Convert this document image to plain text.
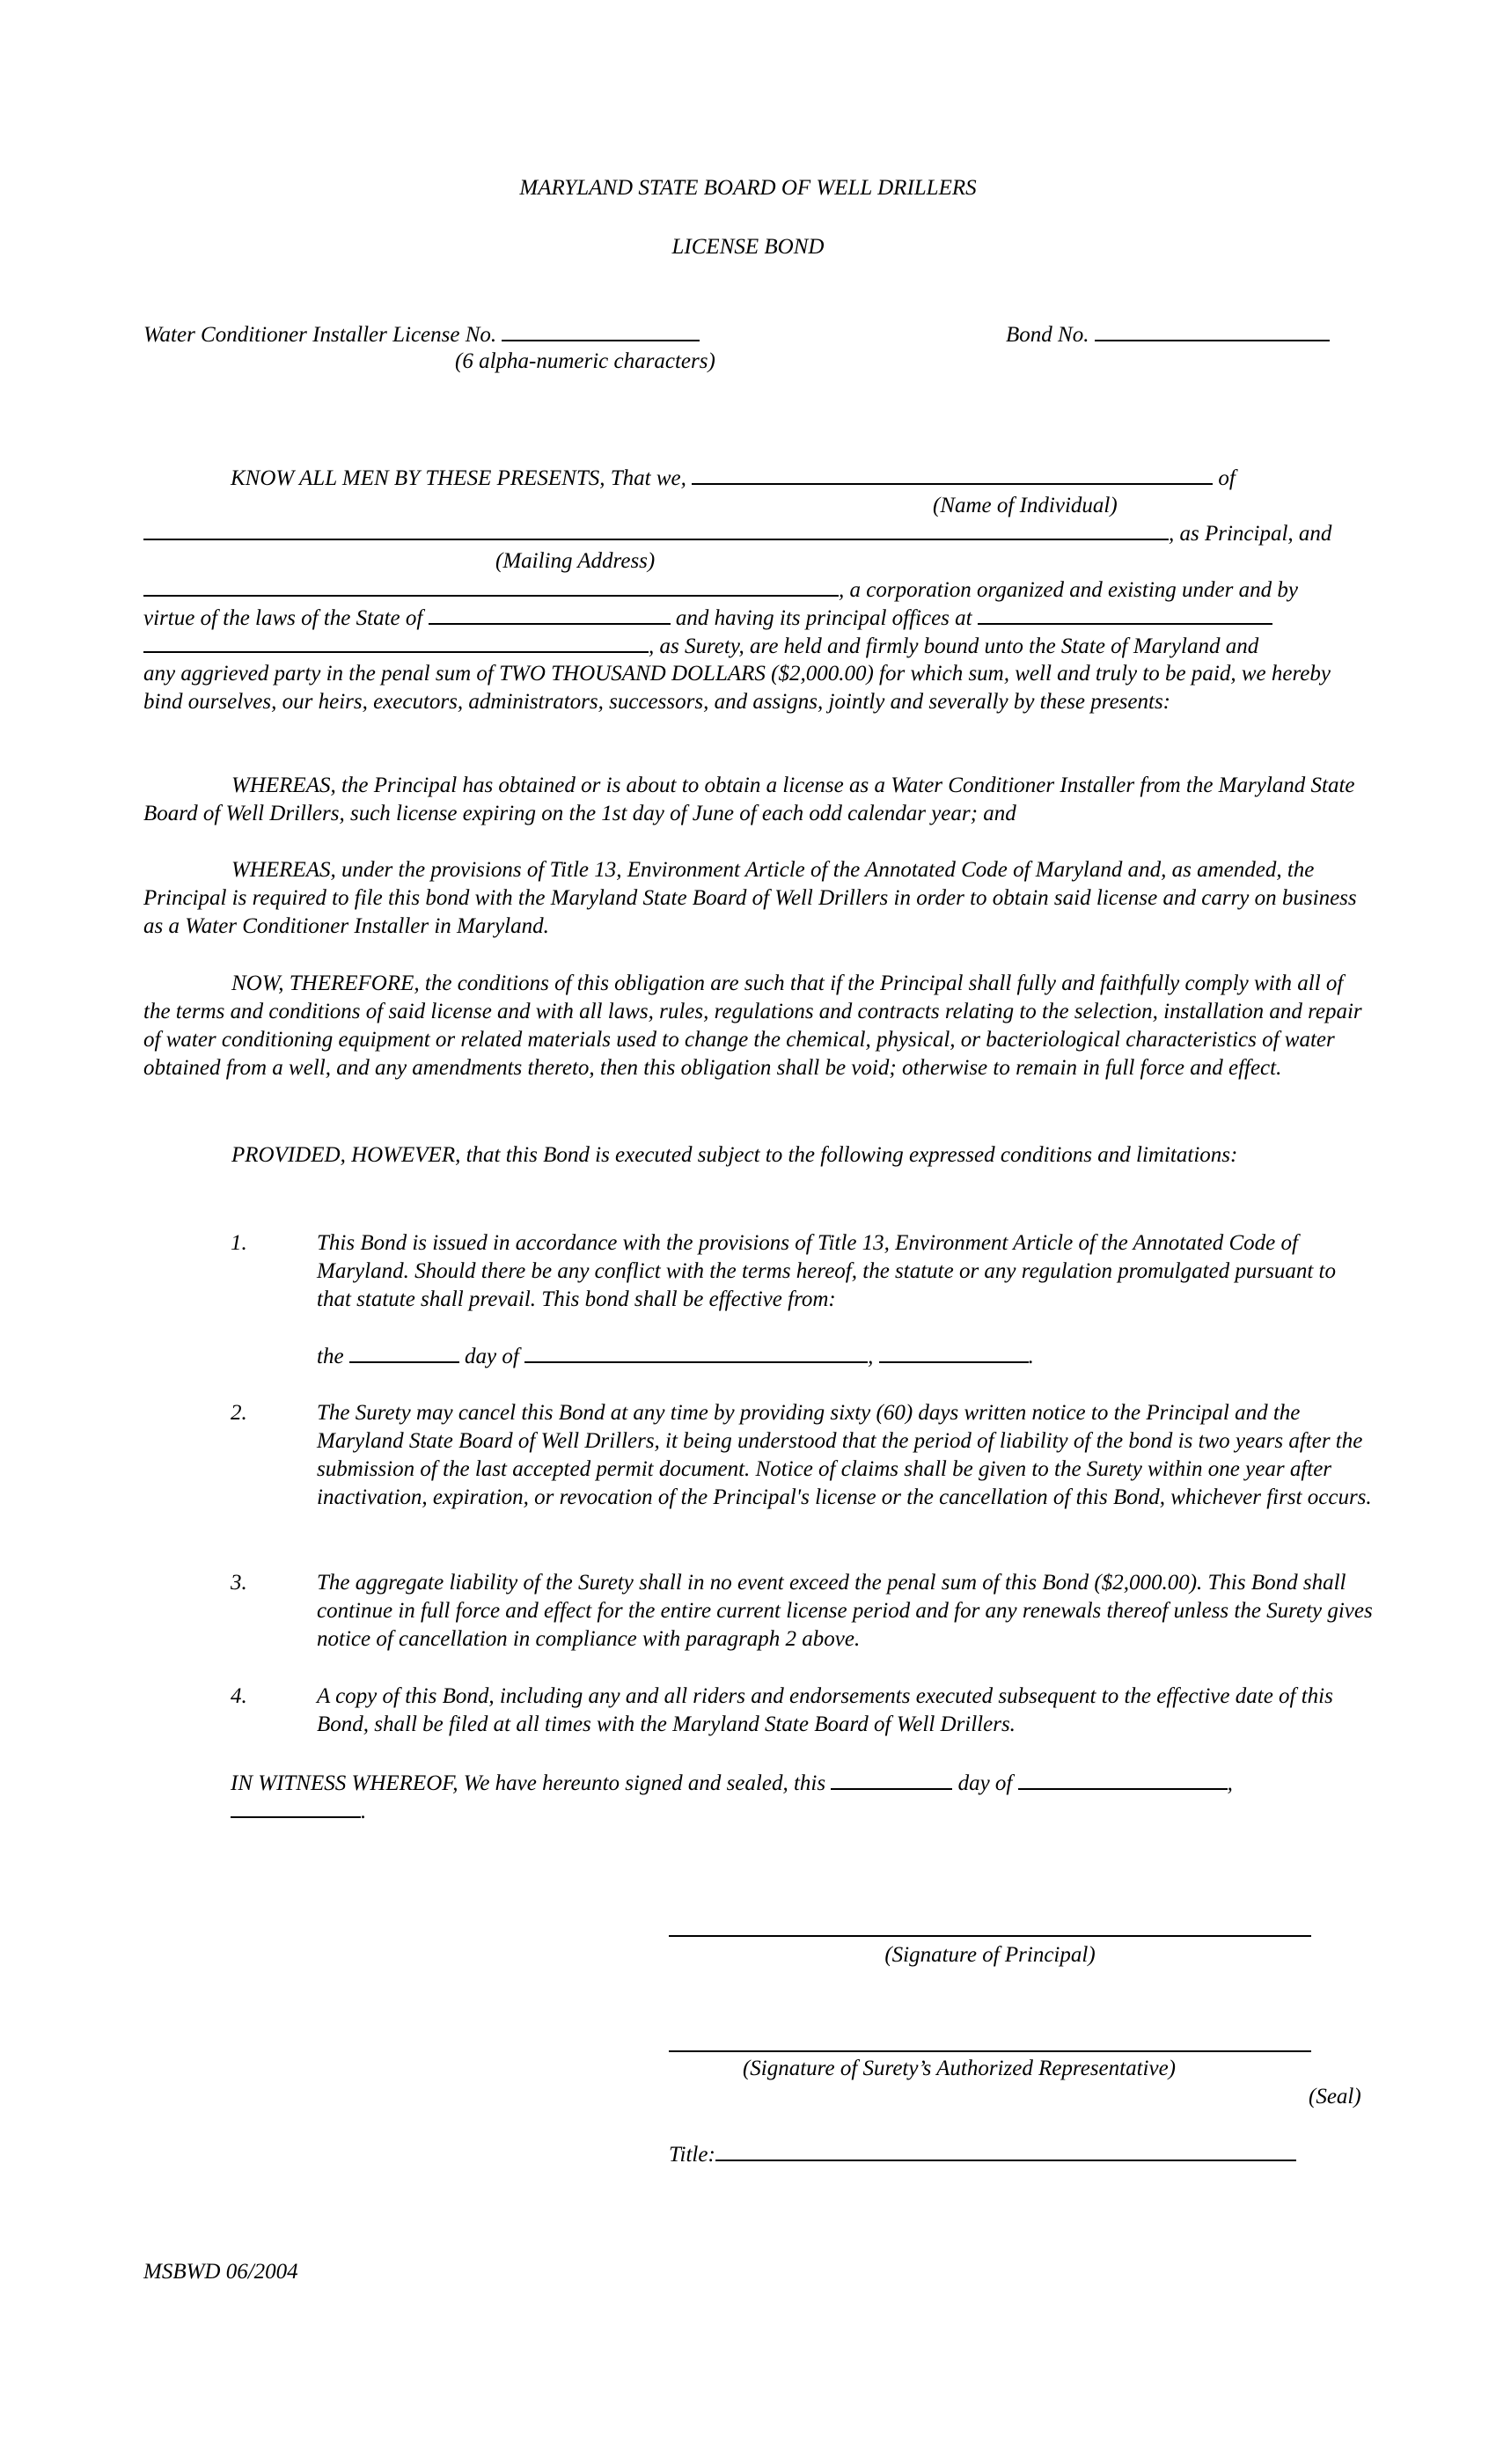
MARYLAND STATE BOARD OF WELL DRILLERS
LICENSE BOND
Water Conditioner Installer License No.
(6 alpha-numeric characters)
Bond No.
KNOW ALL MEN BY THESE PRESENTS, That we,	of
(Name of Individual)
, as Principal, and
(Mailing Address)
, a corporation organized and existing under and by
virtue of the laws of the State of	and having its principal offices at
, as Surety, are held and firmly bound unto the State of Maryland and
any aggrieved party in the penal sum of TWO THOUSAND DOLLARS ($2,000.00) for which sum, well and truly to be paid, we hereby bind ourselves, our heirs, executors, administrators, successors, and assigns, jointly and severally by these presents:
WHEREAS, the Principal has obtained or is about to obtain a license as a Water Conditioner Installer from the Maryland State Board of Well Drillers, such license expiring on the 1st day of June of each odd calendar year; and
WHEREAS, under the provisions of Title 13, Environment Article of the Annotated Code of Maryland and, as amended, the Principal is required to file this bond with the Maryland State Board of Well Drillers in order to obtain said license and carry on business as a Water Conditioner Installer in Maryland.
NOW, THEREFORE, the conditions of this obligation are such that if the Principal shall fully and faithfully comply with all of the terms and conditions of said license and with all laws, rules, regulations and contracts relating to the selection, installation and repair of water conditioning equipment or related materials used to change the chemical, physical, or bacteriological characteristics of water obtained from a well, and any amendments thereto, then this obligation shall be void; otherwise to remain in full force and effect.
PROVIDED, HOWEVER, that this Bond is executed subject to the following expressed conditions and limitations:
1.	This Bond is issued in accordance with the provisions of Title 13, Environment Article of the Annotated Code of Maryland. Should there be any conflict with the terms hereof, the statute or any regulation promulgated pursuant to that statute shall prevail. This bond shall be effective from:
the	day of	,	.
2.	The Surety may cancel this Bond at any time by providing sixty (60) days written notice to the Principal and the Maryland State Board of Well Drillers, it being understood that the period of liability of the bond is two years after the submission of the last accepted permit document. Notice of claims shall be given to the Surety within one year after inactivation, expiration, or revocation of the Principal's license or the cancellation of this Bond, whichever first occurs.
3.	The aggregate liability of the Surety shall in no event exceed the penal sum of this Bond ($2,000.00). This Bond shall continue in full force and effect for the entire current license period and for any renewals thereof unless the Surety gives notice of cancellation in compliance with paragraph 2 above.
4.	A copy of this Bond, including any and all riders and endorsements executed subsequent to the effective date of this Bond, shall be filed at all times with the Maryland State Board of Well Drillers.
IN WITNESS WHEREOF, We have hereunto signed and sealed, this	day of	,
.
(Signature of Principal)
(Signature of Surety’s Authorized Representative)
(Seal)
Title:
MSBWD 06/2004
